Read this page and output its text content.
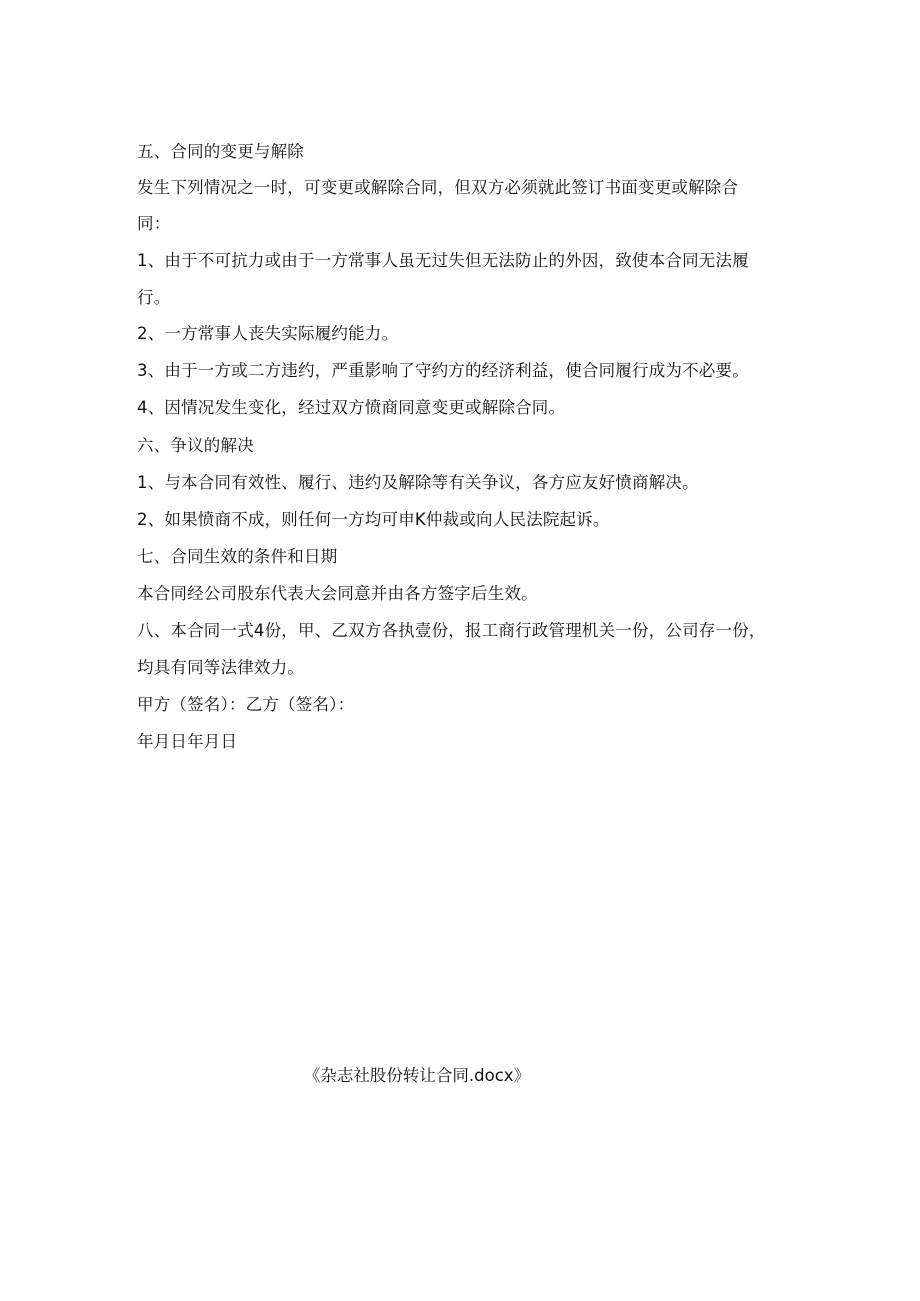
五、合同的变更与解除
发生下列情况之一时，可变更或解除合同，但双方必须就此签订书面变更或解除合
同：
1、由于不可抗力或由于一方常事人虽无过失但无法防止的外因，致使本合同无法履
行。
2、一方常事人丧失实际履约能力。
3、由于一方或二方违约，严重影响了守约方的经济利益，使合同履行成为不必要。
4、因情况发生变化，经过双方愤商同意变更或解除合同。
六、争议的解决
1、与本合同有效性、履行、违约及解除等有关争议，各方应友好愤商解决。
2、如果愤商不成，则任何一方均可申K仲裁或向人民法院起诉。
七、合同生效的条件和日期
本合同经公司股东代表大会同意并由各方签字后生效。
八、本合同一式4份，甲、乙双方各执壹份，报工商行政管理机关一份，公司存一份，
均具有同等法律效力。
甲方（签名）：乙方（签名）：
年月日年月日
《杂志社股份转让合同.docx》
